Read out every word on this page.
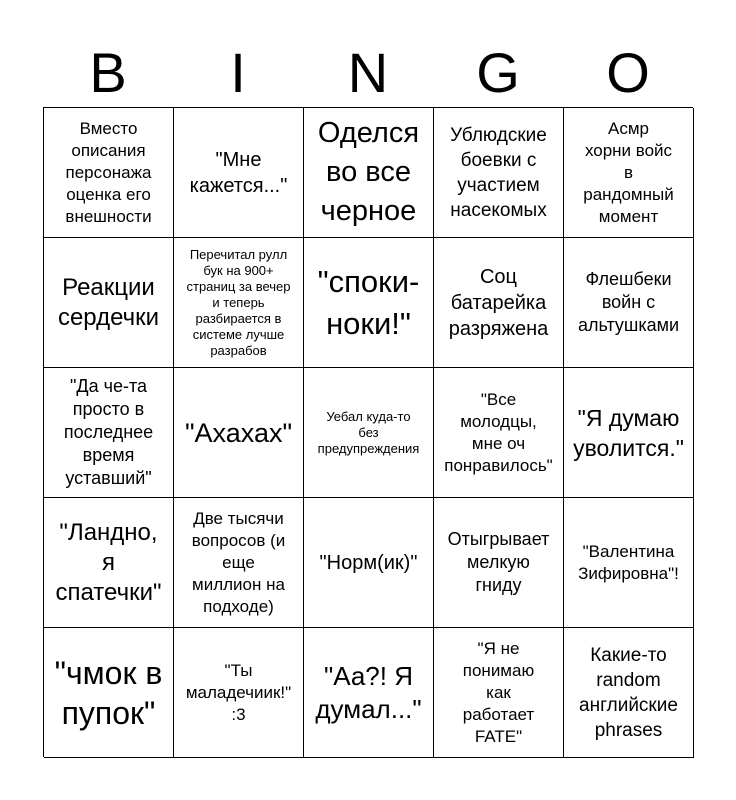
B	I	N	G	O
Вместо
описания
персонажа
оценка его
внешности
"Мне
кажется..."
Оделся
во все
черное
Ублюдские
боевки с
участием
насекомых
Асмр
хорни войс
в
рандомный
момент
Реакции
сердечки
Перечитал рулл
бук на 900+
страниц за вечер
и теперь
разбирается в
системе лучше
разрабов
"споки-
ноки!"
Соц
батарейка
разряжена
Флешбеки
войн с
альтушками
"Да че-та
просто в
последнее
время
уставший"
"Ахахах"
Уебал куда-то
без
предупреждения
"Все
молодцы,
мне оч
понравилось"
"Я думаю
уволится."
"Ландно,
я
спатечки"
Две тысячи
вопросов (и
еще
миллион на
подходе)
"Норм(ик)"
Отыгрывает
мелкую
гниду
"Валентина
Зифировна"!
"чмок в
пупок"
"Ты
маладечиик!"
:3
"Аа?! Я
думал..."
"Я не
понимаю
как
работает
FATE"
Какие-то
random
английские
phrases
